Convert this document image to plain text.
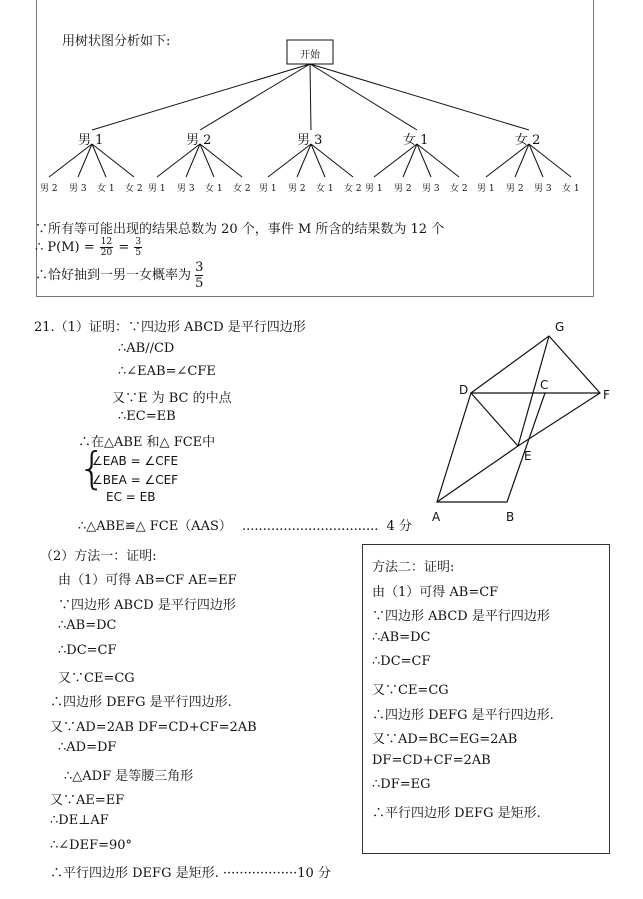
用树状图分析如下:
开始
男 1
男 2 男 3 女 1 女 2
男 2
男 1 男 3 女 1 女 2
男 3
男 1 男 2 女 1 女 2
女 1
男 1 男 2 男 3 女 2
女 2
男 1 男 2 男 3 女 1
∵所有等可能出现的结果总数为 20 个，事件 M 所含的结果数为 12 个
∴ $P(M) = \frac{12}{20} = \frac{3}{5}$
∴恰好抽到一男一女概率为 $\frac{3}{5}$
21.（1）证明：∵四边形 ABCD 是平行四边形
∴AB//CD
∴∠EAB=∠CFE
又∵E 为 BC 的中点
∴EC=EB
∴在△ABE 和△ FCE中
{
∠EAB = ∠CFE
∠BEA = ∠CEF
EC = EB
∴△ABE≌△ FCE（AAS） ................................. 4 分
G
D	C
F
E
A	B
（2）方法一：证明:
由（1）可得 AB=CF AE=EF
∵四边形 ABCD 是平行四边形
∴AB=DC
∴DC=CF
又∵CE=CG
∴四边形 DEFG 是平行四边形.
又∵AD=2AB DF=CD+CF=2AB
∴AD=DF
∴△ADF 是等腰三角形
又∵AE=EF
∴DE⊥AF
∴∠DEF=90°
∴平行四边形 DEFG 是矩形. ··················10 分
方法二：证明:
由（1）可得 AB=CF
∵四边形 ABCD 是平行四边形
∴AB=DC
∴DC=CF
又∵CE=CG
∴四边形 DEFG 是平行四边形.
又∵AD=BC=EG=2AB
DF=CD+CF=2AB
∴DF=EG
∴平行四边形 DEFG 是矩形.
